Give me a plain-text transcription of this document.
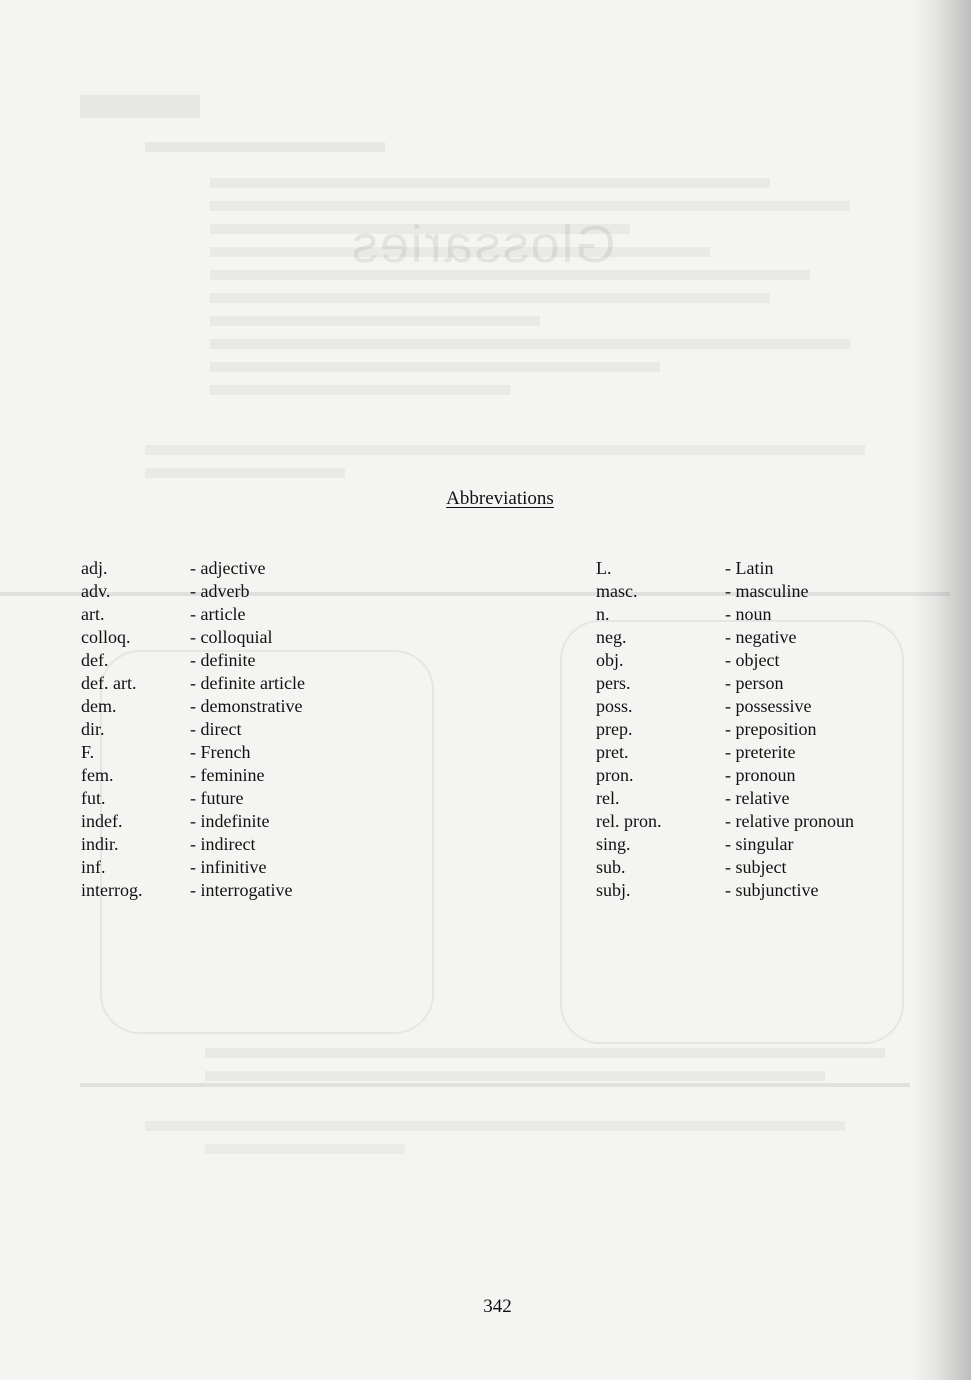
Glossaries
Abbreviations
adj.
adv.
art.
colloq.
def.
def. art.
dem.
dir.
F.
fem.
fut.
indef.
indir.
inf.
interrog.
- adjective
- adverb
- article
- colloquial
- definite
- definite article
- demonstrative
- direct
- French
- feminine
- future
- indefinite
- indirect
- infinitive
- interrogative
L.
masc.
n.
neg.
obj.
pers.
poss.
prep.
pret.
pron.
rel.
rel. pron.
sing.
sub.
subj.
- Latin
- masculine
- noun
- negative
- object
- person
- possessive
- preposition
- preterite
- pronoun
- relative
- relative pronoun
- singular
- subject
- subjunctive
342
